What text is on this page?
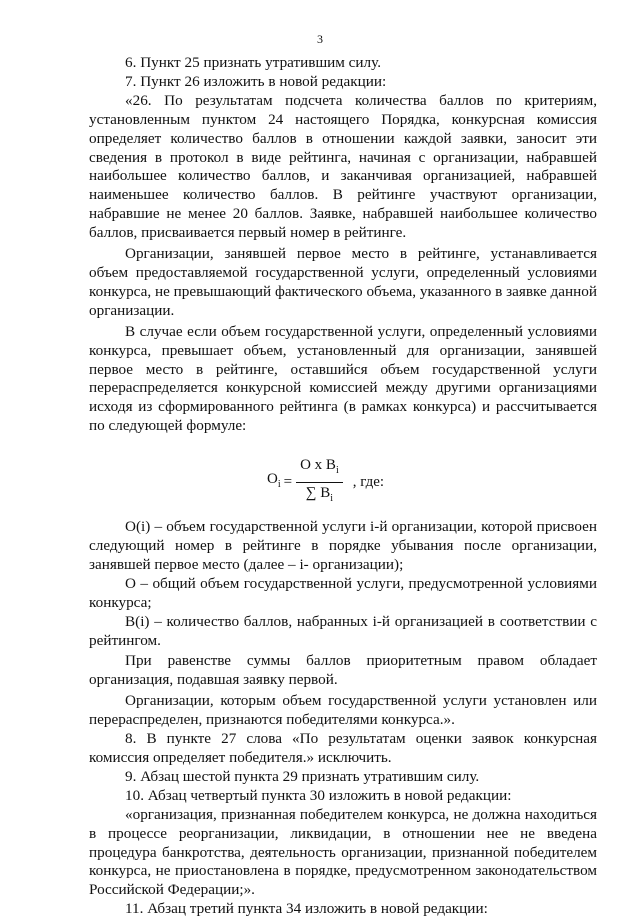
3

6. Пункт 25 признать утратившим силу.

7. Пункт 26 изложить в новой редакции:

«26. По результатам подсчета количества баллов по критериям, установленным пунктом 24 настоящего Порядка, конкурсная комиссия определяет количество баллов в отношении каждой заявки, заносит эти сведения в протокол в виде рейтинга, начиная с организации, набравшей наибольшее количество баллов, и заканчивая организацией, набравшей наименьшее количество баллов. В рейтинге участвуют организации, набравшие не менее 20 баллов. Заявке, набравшей наибольшее количество баллов, присваивается первый номер в рейтинге.

Организации, занявшей первое место в рейтинге, устанавливается объем предоставляемой государственной услуги, определенный условиями конкурса, не превышающий фактического объема, указанного в заявке данной организации.

В случае если объем государственной услуги, определенный условиями конкурса, превышает объем, установленный для организации, занявшей первое место в рейтинге, оставшийся объем государственной услуги перераспределяется конкурсной комиссией между другими организациями исходя из сформированного рейтинга (в рамках конкурса) и рассчитывается по следующей формуле:

$O_i = \frac{O x B_i}{\sum B_i}$ , где:

O(i) – объем государственной услуги i-й организации, которой присвоен следующий номер в рейтинге в порядке убывания после организации, занявшей первое место (далее – i- организации);

O – общий объем государственной услуги, предусмотренной условиями конкурса;

B(i) – количество баллов, набранных i-й организацией в соответствии с рейтингом.

При равенстве суммы баллов приоритетным правом обладает организация, подавшая заявку первой.

Организации, которым объем государственной услуги установлен или перераспределен, признаются победителями конкурса.».

8. В пункте 27 слова «По результатам оценки заявок конкурсная комиссия определяет победителя.» исключить.

9. Абзац шестой пункта 29 признать утратившим силу.

10. Абзац четвертый пункта 30 изложить в новой редакции:

«организация, признанная победителем конкурса, не должна находиться в процессе реорганизации, ликвидации, в отношении нее не введена процедура банкротства, деятельность организации, признанной победителем конкурса, не приостановлена в порядке, предусмотренном законодательством Российской Федерации;».

11. Абзац третий пункта 34 изложить в новой редакции:
